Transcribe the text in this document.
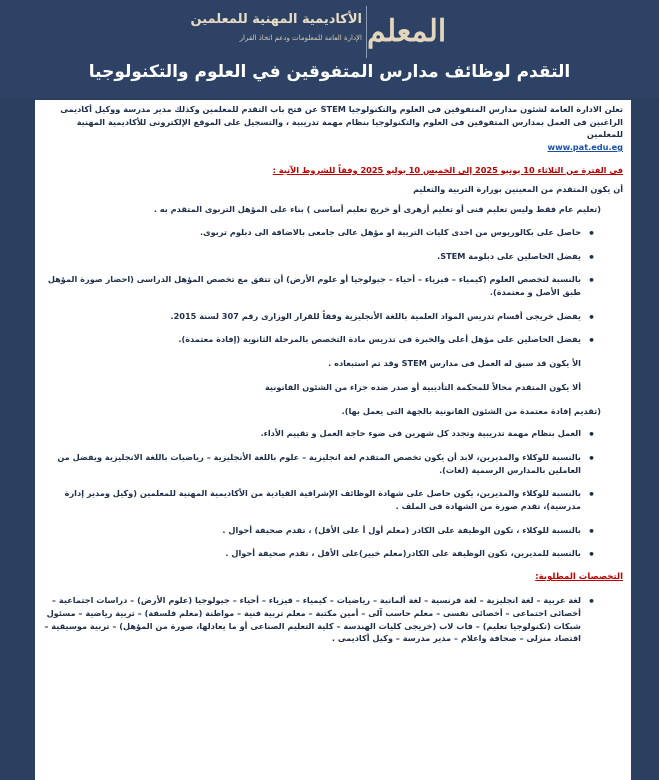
الأكاديمية المهنية للمعلمين
الإدارة العامة للمعلومات ودعم اتخاذ القرار المعلم
التقدم لوظائف مدارس المتفوقين في العلوم والتكنولوجيا
تعلن الادارة العامة لشئون مدارس المتفوقين فى العلوم والتكنولوجيا STEM عن فتح باب التقدم للمعلمين وكذلك مدير مدرسة ووكيل أكاديمى الراغبين فى العمل بمدارس المتفوقين فى العلوم والتكنولوجيا بنظام مهمة تدريبية ، والتسجيل على الموقع الإلكترونى للأكاديمية المهنية للمعلمين
www.pat.edu.eg
فى الفترة من الثلاثاء 10 يونيو 2025 إلى الخميس 10 يوليو 2025 وفقاً للشروط الآتية :
أن يكون المتقدم من المعينين بوزارة التربية والتعليم
(تعليم عام فقط وليس تعليم فنى أو تعليم أزهرى أو خريج تعليم أساسى ) بناء على المؤهل التربوى المتقدم به .
• حاصل على بكالوريوس من احدى كليات التربية او مؤهل عالى جامعى بالاضافة الى دبلوم تربوى.
• يفضل الحاصلين على دبلومة STEM.
• بالنسبة لتخصص العلوم (كيمياء – فيزياء – أحياء – جيولوجيا أو علوم الأرض) أن تتفق مع تخصص المؤهل الدراسى (احضار صورة المؤهل طبق الأصل و معتمدة).
• يفضل خريجى أقسام تدريس المواد العلمية باللغة الأنجليزية وفقاً للقرار الوزارى رقم 307 لسنة 2015.
• يفضل الحاصلين على مؤهل أعلى والخبرة فى تدريس مادة التخصص بالمرحلة الثانوية (إفادة معتمدة).
الأ يكون قد سبق له العمل فى مدارس STEM وقد تم استبعاده .
ألا يكون المتقدم محالاً للمحكمة التأديبية أو صدر ضده جزاء من الشئون القانونية
(تقديم إفادة معتمدة من الشئون القانونية بالجهة التى يعمل بها).
• العمل بنظام مهمة تدريبية وتجدد كل شهرين فى ضوء حاجة العمل و تقييم الأداء.
• بالنسبة للوكلاء والمديرين، لابد أن يكون تخصص المتقدم لغة انجليزية – علوم باللغة الأنجليزية – رياضيات باللغة الانجليزية ويفضل من العاملين بالمدارس الرسمية (لغات).
• بالنسبة للوكلاء والمديرين، يكون حاصل على شهادة الوظائف الإشرافية القيادية من الأكاديمية المهنية للمعلمين (وكيل ومدير إدارة مدرسية)، تقدم صورة من الشهادة فى الملف .
• بالنسبة للوكلاء ، تكون الوظيفة على الكادر (معلم أول أ على الأقل) ، تقدم صحيفة أحوال .
• بالنسبة للمديرين، تكون الوظيفة على الكادر(معلم خبير)على الأقل ، تقدم صحيفة أحوال .
التخصصات المطلوبة:
• لغة عربية – لغة انجليزية – لغة فرنسية – لغة ألمانية – رياضيات – كيمياء – فيزياء – أحياء – جيولوجيا (علوم الأرض) – دراسات اجتماعية – أخصائى اجتماعى – أخصائى نفسى – معلم حاسب آلى – أمين مكتبة – معلم تربية فنية – مواطنة (معلم فلسفة) – تربية رياضية – مسئول شبكات (تكنولوجيا تعليم) – فاب لاب (خريجى كليات الهندسة – كلية التعليم الصناعى أو ما يعادلها، صورة من المؤهل) – تربية موسيقية – اقتصاد منزلى – صحافة واعلام – مدير مدرسة – وكيل أكاديمى .
